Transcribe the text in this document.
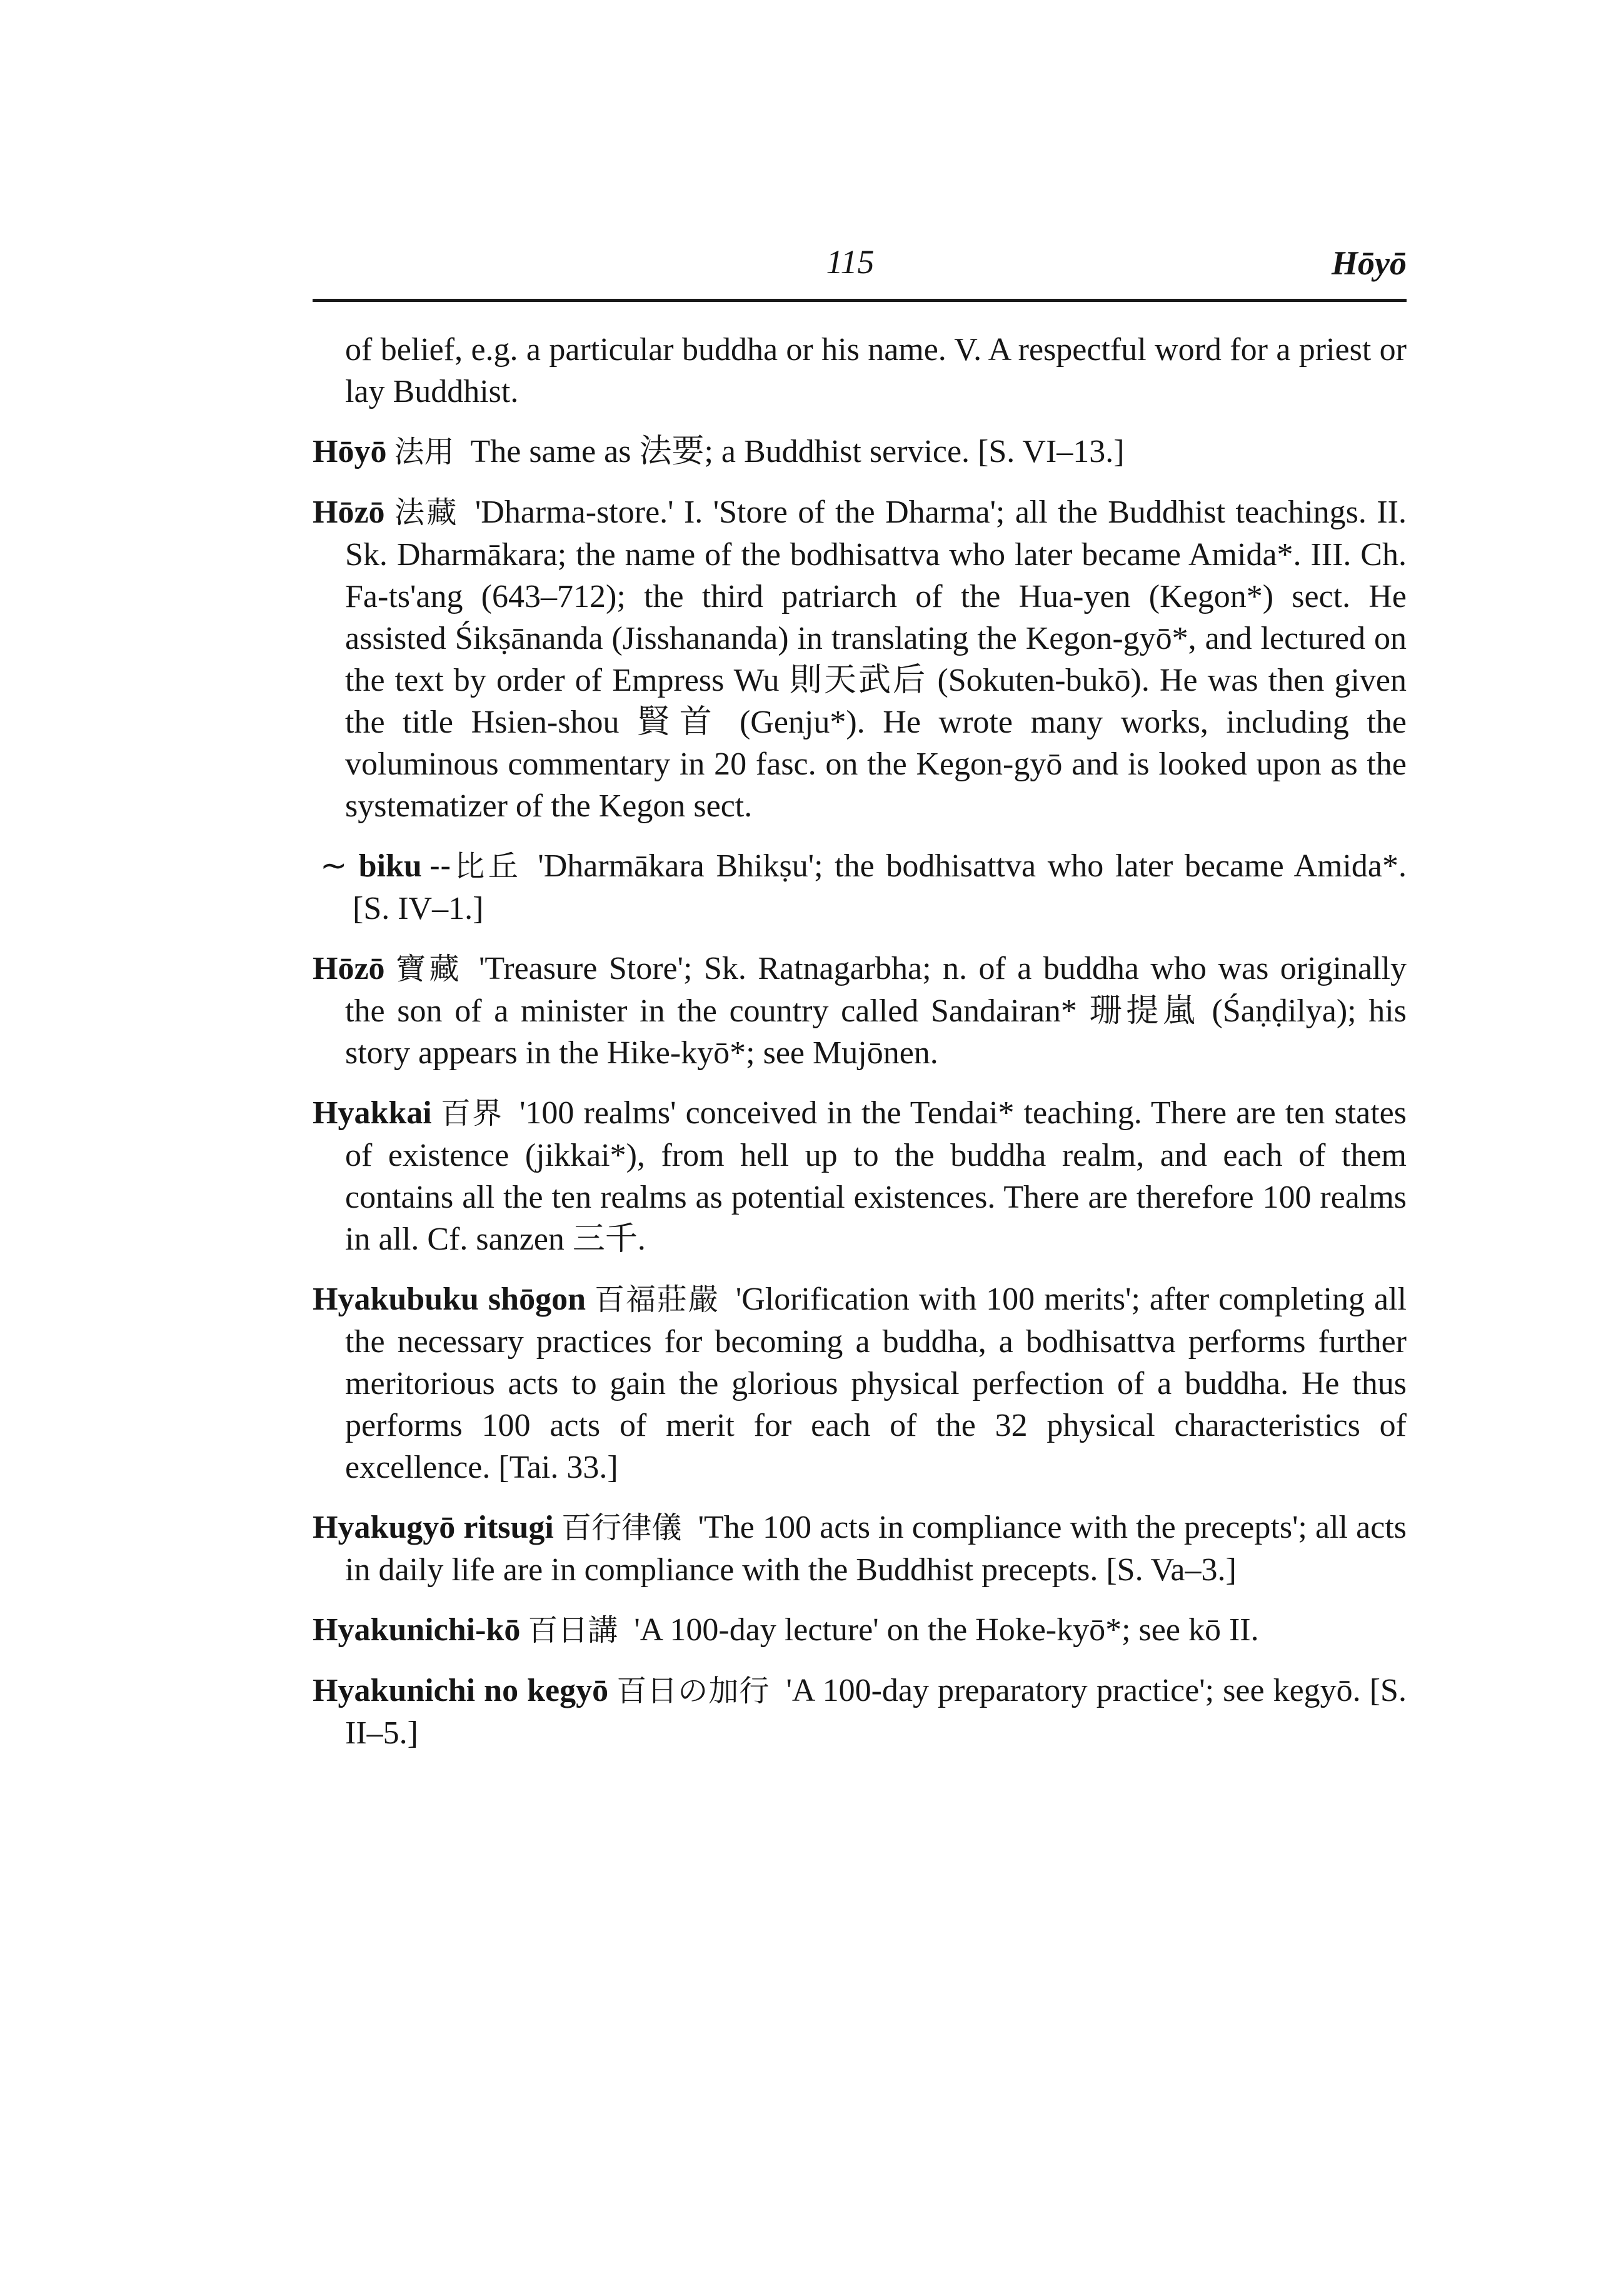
115	Hōyō

of belief, e.g. a particular buddha or his name. V. A respectful word for a priest or lay Buddhist.

Hōyō 法用 The same as 法要; a Buddhist service. [S. VI–13.]

Hōzō 法藏 'Dharma-store.' I. 'Store of the Dharma'; all the Buddhist teachings. II. Sk. Dharmākara; the name of the bodhisattva who later became Amida*. III. Ch. Fa-ts'ang (643–712); the third patriarch of the Hua-yen (Kegon*) sect. He assisted Śikṣānanda (Jisshananda) in translating the Kegon-gyō*, and lectured on the text by order of Empress Wu 則天武后 (Sokuten-bukō). He was then given the title Hsien-shou 賢首 (Genju*). He wrote many works, including the voluminous commentary in 20 fasc. on the Kegon-gyō and is looked upon as the systematizer of the Kegon sect.

~ biku --比丘 'Dharmākara Bhikṣu'; the bodhisattva who later became Amida*. [S. IV–1.]

Hōzō 寶藏 'Treasure Store'; Sk. Ratnagarbha; n. of a buddha who was originally the son of a minister in the country called Sandairan* 珊提嵐 (Śaṇḍilya); his story appears in the Hike-kyō*; see Mujōnen.

Hyakkai 百界 '100 realms' conceived in the Tendai* teaching. There are ten states of existence (jikkai*), from hell up to the buddha realm, and each of them contains all the ten realms as potential existences. There are therefore 100 realms in all. Cf. sanzen 三千.

Hyakubuku shōgon 百福莊嚴 'Glorification with 100 merits'; after completing all the necessary practices for becoming a buddha, a bodhisattva performs further meritorious acts to gain the glorious physical perfection of a buddha. He thus performs 100 acts of merit for each of the 32 physical characteristics of excellence. [Tai. 33.]

Hyakugyō ritsugi 百行律儀 'The 100 acts in compliance with the precepts'; all acts in daily life are in compliance with the Buddhist precepts. [S. Va–3.]

Hyakunichi-kō 百日講 'A 100-day lecture' on the Hoke-kyō*; see kō II.

Hyakunichi no kegyō 百日の加行 'A 100-day preparatory practice'; see kegyō. [S. II–5.]
